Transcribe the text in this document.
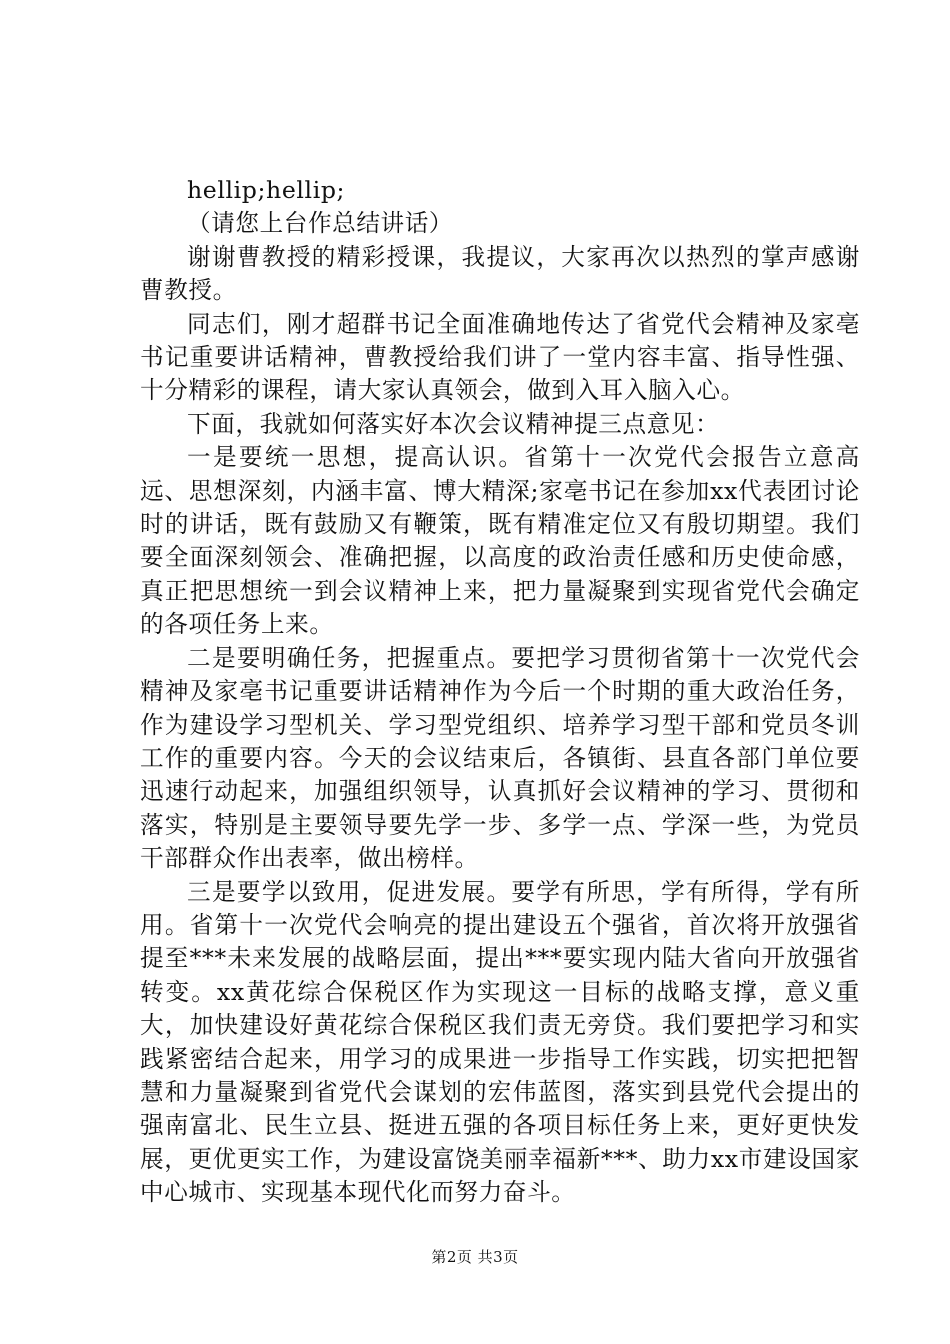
hellip;hellip;

（请您上台作总结讲话）

谢谢曹教授的精彩授课，我提议，大家再次以热烈的掌声感谢曹教授。

同志们，刚才超群书记全面准确地传达了省党代会精神及家亳书记重要讲话精神，曹教授给我们讲了一堂内容丰富、指导性强、十分精彩的课程，请大家认真领会，做到入耳入脑入心。

下面，我就如何落实好本次会议精神提三点意见：

一是要统一思想，提高认识。省第十一次党代会报告立意高远、思想深刻，内涵丰富、博大精深;家亳书记在参加xx代表团讨论时的讲话，既有鼓励又有鞭策，既有精准定位又有殷切期望。我们要全面深刻领会、准确把握，以高度的政治责任感和历史使命感，真正把思想统一到会议精神上来，把力量凝聚到实现省党代会确定的各项任务上来。

二是要明确任务，把握重点。要把学习贯彻省第十一次党代会精神及家亳书记重要讲话精神作为今后一个时期的重大政治任务，作为建设学习型机关、学习型党组织、培养学习型干部和党员冬训工作的重要内容。今天的会议结束后，各镇街、县直各部门单位要迅速行动起来，加强组织领导，认真抓好会议精神的学习、贯彻和落实，特别是主要领导要先学一步、多学一点、学深一些，为党员干部群众作出表率，做出榜样。

三是要学以致用，促进发展。要学有所思，学有所得，学有所用。省第十一次党代会响亮的提出建设五个强省，首次将开放强省提至***未来发展的战略层面，提出***要实现内陆大省向开放强省转变。xx黄花综合保税区作为实现这一目标的战略支撑，意义重大，加快建设好黄花综合保税区我们责无旁贷。我们要把学习和实践紧密结合起来，用学习的成果进一步指导工作实践，切实把把智慧和力量凝聚到省党代会谋划的宏伟蓝图，落实到县党代会提出的强南富北、民生立县、挺进五强的各项目标任务上来，更好更快发展，更优更实工作，为建设富饶美丽幸福新***、助力xx市建设国家中心城市、实现基本现代化而努力奋斗。

第2页 共3页
